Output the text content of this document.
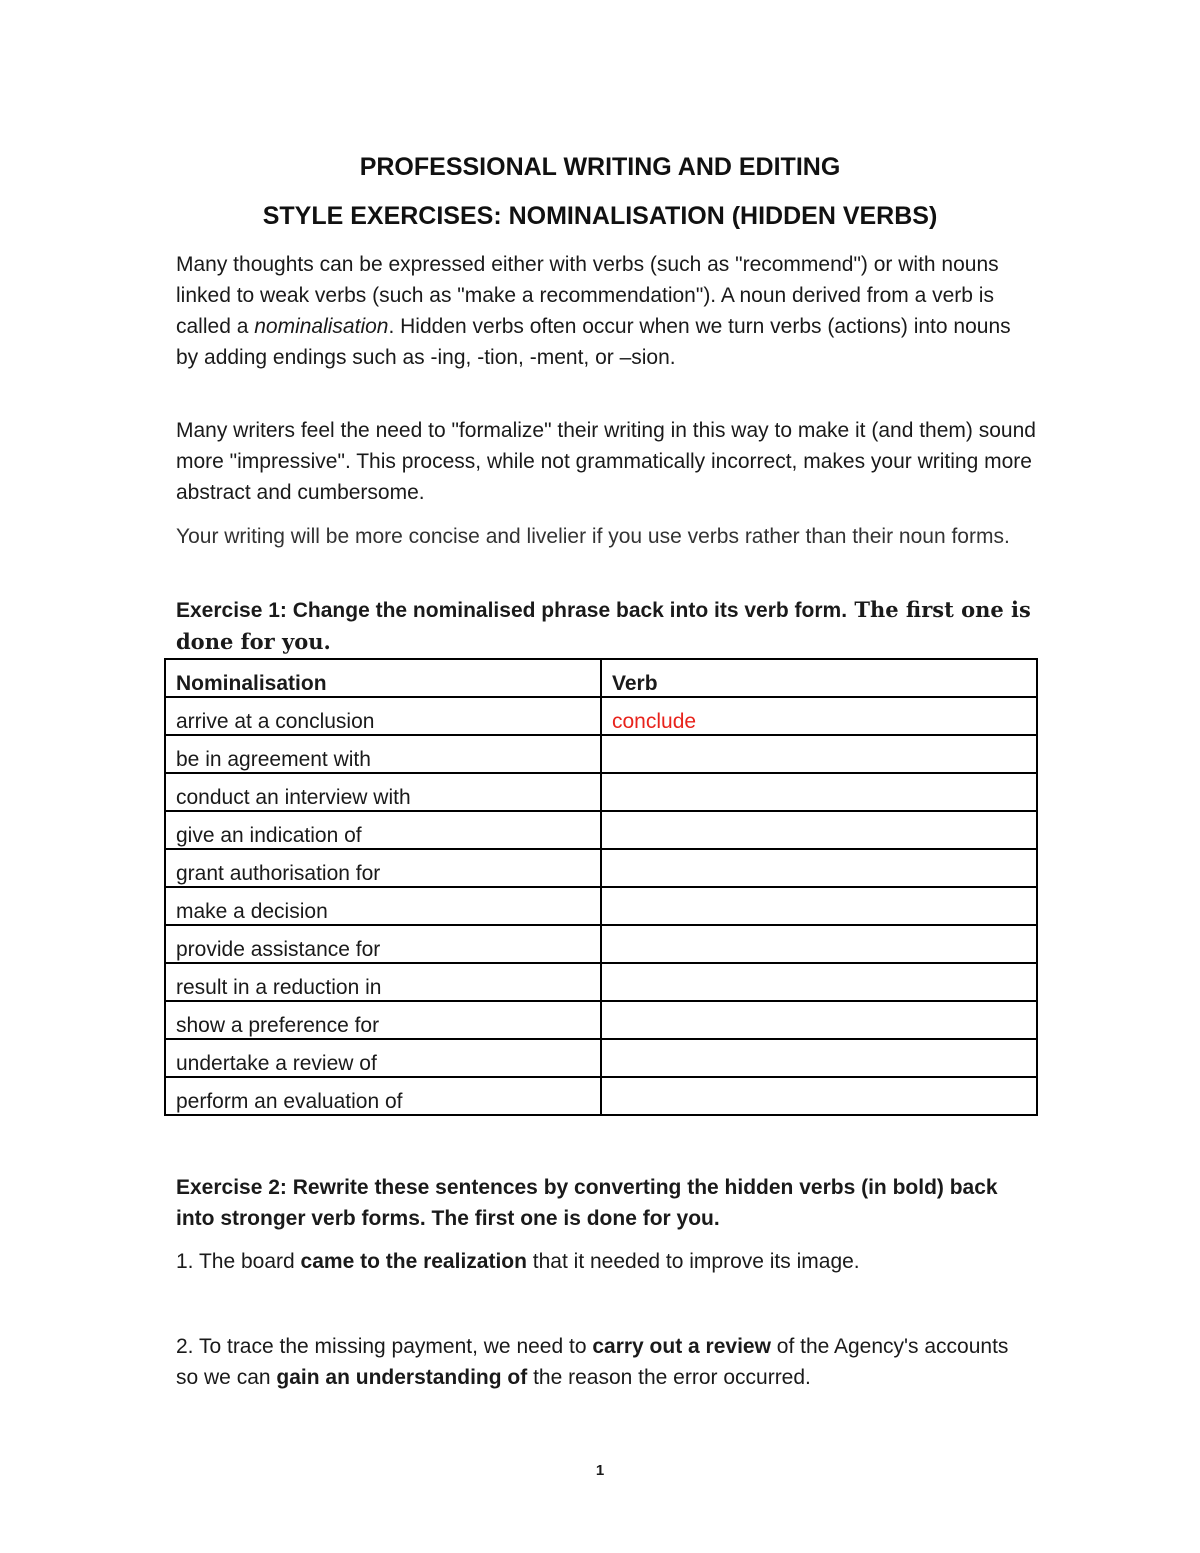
PROFESSIONAL WRITING AND EDITING
STYLE EXERCISES: NOMINALISATION (HIDDEN VERBS)

Many thoughts can be expressed either with verbs (such as "recommend") or with nouns linked to weak verbs (such as "make a recommendation"). A noun derived from a verb is called a nominalisation. Hidden verbs often occur when we turn verbs (actions) into nouns by adding endings such as -ing, -tion, -ment, or –sion.

Many writers feel the need to "formalize" their writing in this way to make it (and them) sound more "impressive". This process, while not grammatically incorrect, makes your writing more abstract and cumbersome.

Your writing will be more concise and livelier if you use verbs rather than their noun forms.

Exercise 1: Change the nominalised phrase back into its verb form. The first one is done for you.

Nominalisation	Verb
arrive at a conclusion	conclude
be in agreement with	
conduct an interview with	
give an indication of	
grant authorisation for	
make a decision	
provide assistance for	
result in a reduction in	
show a preference for	
undertake a review of	
perform an evaluation of	

Exercise 2: Rewrite these sentences by converting the hidden verbs (in bold) back into stronger verb forms. The first one is done for you.

1. The board came to the realization that it needed to improve its image.

2. To trace the missing payment, we need to carry out a review of the Agency's accounts so we can gain an understanding of the reason the error occurred.

1
